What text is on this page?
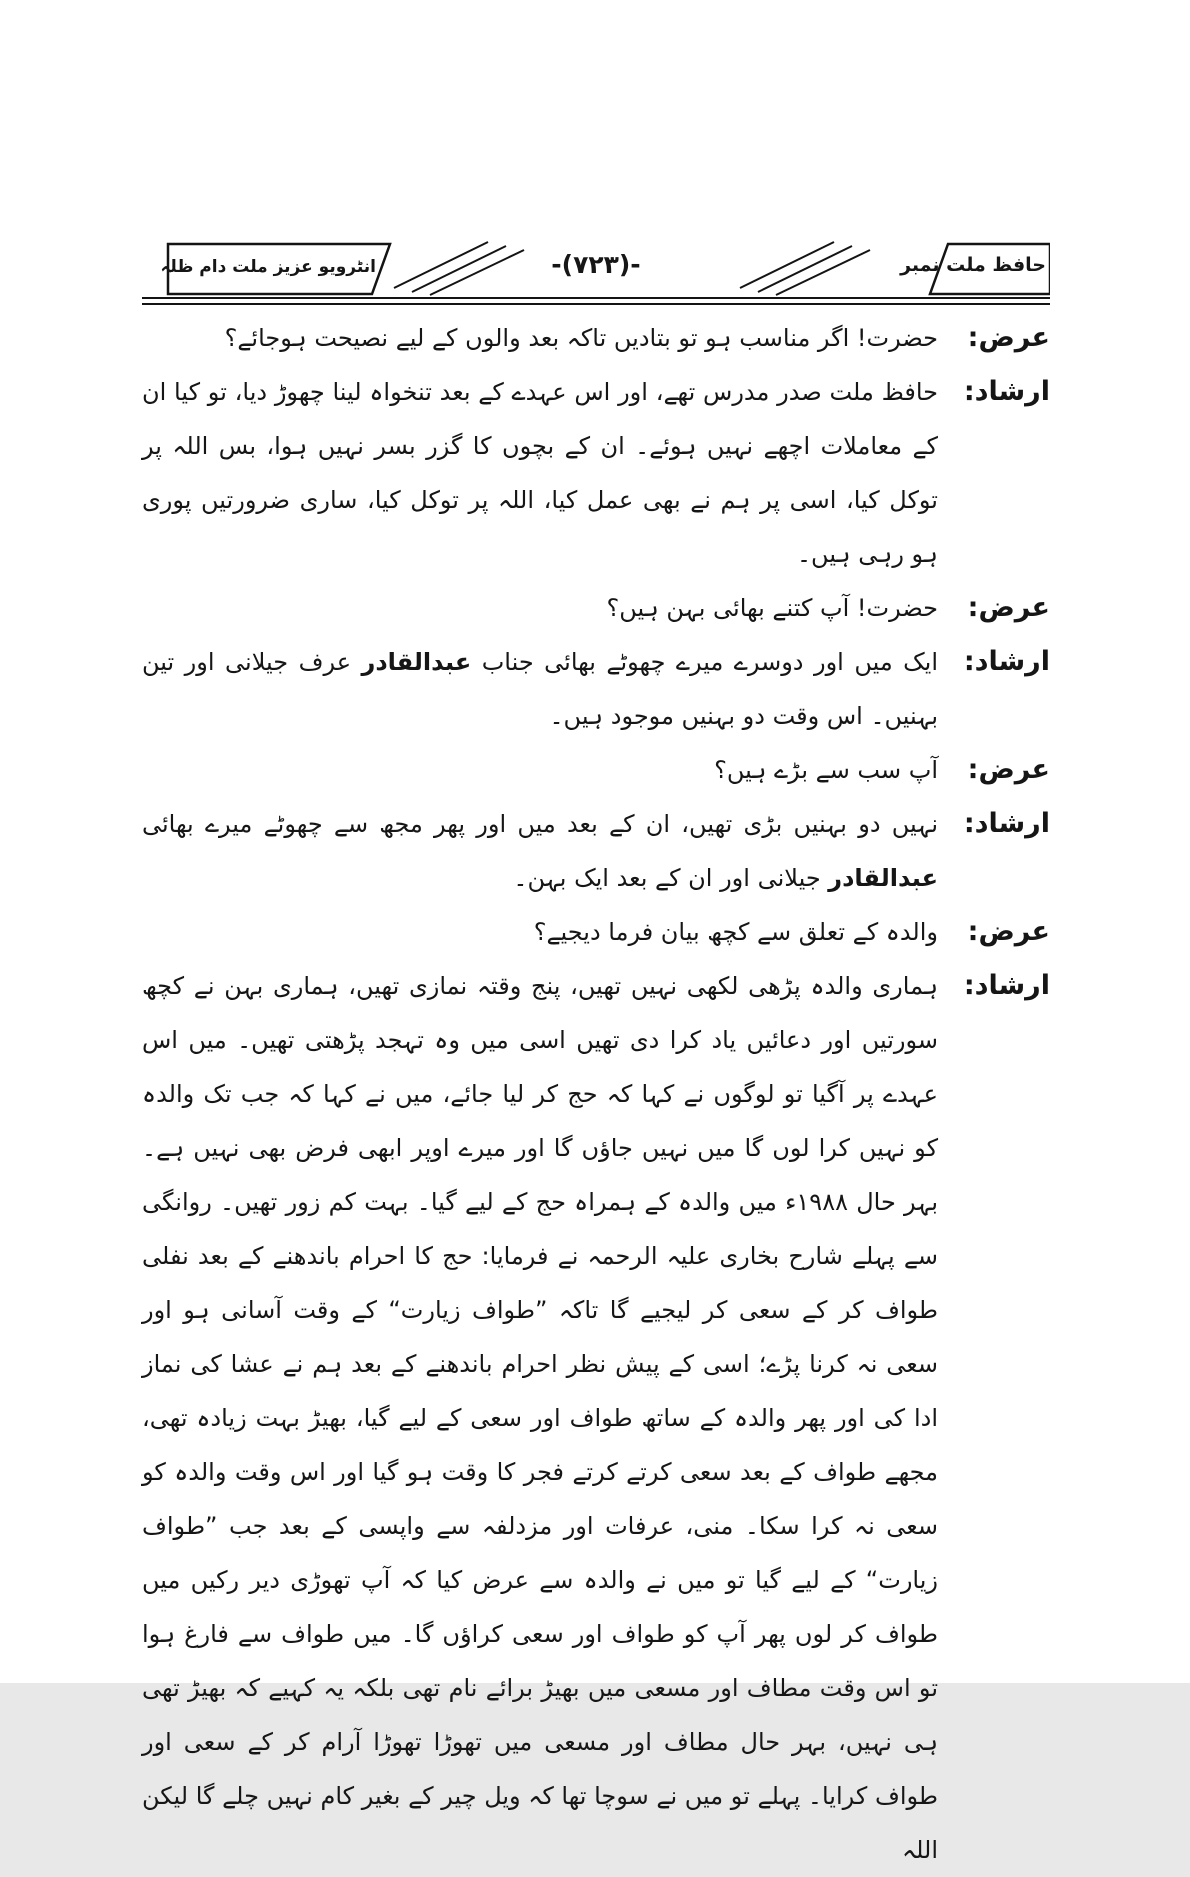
حافظ ملت نمبر
-(۷۲۳)-
انٹرویو عزیز ملت دام ظلہ
عرض:
حضرت! اگر مناسب ہو تو بتادیں تاکہ بعد والوں کے لیے نصیحت ہوجائے؟
ارشاد:
حافظ ملت صدر مدرس تھے، اور اس عہدے کے بعد تنخواہ لینا چھوڑ دیا، تو کیا ان کے معاملات اچھے نہیں ہوئے۔ ان کے بچوں کا گزر بسر نہیں ہوا، بس اللہ پر توکل کیا، اسی پر ہم نے بھی عمل کیا، اللہ پر توکل کیا، ساری ضرورتیں پوری ہو رہی ہیں۔
عرض:
حضرت! آپ کتنے بھائی بہن ہیں؟
ارشاد:
ایک میں اور دوسرے میرے چھوٹے بھائی جناب عبدالقادر عرف جیلانی اور تین بہنیں۔ اس وقت دو بہنیں موجود ہیں۔
عرض:
آپ سب سے بڑے ہیں؟
ارشاد:
نہیں دو بہنیں بڑی تھیں، ان کے بعد میں اور پھر مجھ سے چھوٹے میرے بھائی عبدالقادر جیلانی اور ان کے بعد ایک بہن۔
عرض:
والدہ کے تعلق سے کچھ بیان فرما دیجیے؟
ارشاد:
ہماری والدہ پڑھی لکھی نہیں تھیں، پنج وقتہ نمازی تھیں، ہماری بہن نے کچھ سورتیں اور دعائیں یاد کرا دی تھیں اسی میں وہ تہجد پڑھتی تھیں۔ میں اس عہدے پر آگیا تو لوگوں نے کہا کہ حج کر لیا جائے، میں نے کہا کہ جب تک والدہ کو نہیں کرا لوں گا میں نہیں جاؤں گا اور میرے اوپر ابھی فرض بھی نہیں ہے۔ بہر حال ۱۹۸۸ء میں والدہ کے ہمراہ حج کے لیے گیا۔ بہت کم زور تھیں۔ روانگی سے پہلے شارح بخاری علیہ الرحمہ نے فرمایا: حج کا احرام باندھنے کے بعد نفلی طواف کر کے سعی کر لیجیے گا تاکہ ”طواف زیارت“ کے وقت آسانی ہو اور سعی نہ کرنا پڑے؛ اسی کے پیش نظر احرام باندھنے کے بعد ہم نے عشا کی نماز ادا کی اور پھر والدہ کے ساتھ طواف اور سعی کے لیے گیا، بھیڑ بہت زیادہ تھی، مجھے طواف کے بعد سعی کرتے کرتے فجر کا وقت ہو گیا اور اس وقت والدہ کو سعی نہ کرا سکا۔ منی، عرفات اور مزدلفہ سے واپسی کے بعد جب ”طواف زیارت“ کے لیے گیا تو میں نے والدہ سے عرض کیا کہ آپ تھوڑی دیر رکیں میں طواف کر لوں پھر آپ کو طواف اور سعی کراؤں گا۔ میں طواف سے فارغ ہوا تو اس وقت مطاف اور مسعی میں بھیڑ برائے نام تھی بلکہ یہ کہیے کہ بھیڑ تھی ہی نہیں، بہر حال مطاف اور مسعی میں تھوڑا تھوڑا آرام کر کے سعی اور طواف کرایا۔ پہلے تو میں نے سوچا تھا کہ ویل چیر کے بغیر کام نہیں چلے گا لیکن اللہ
